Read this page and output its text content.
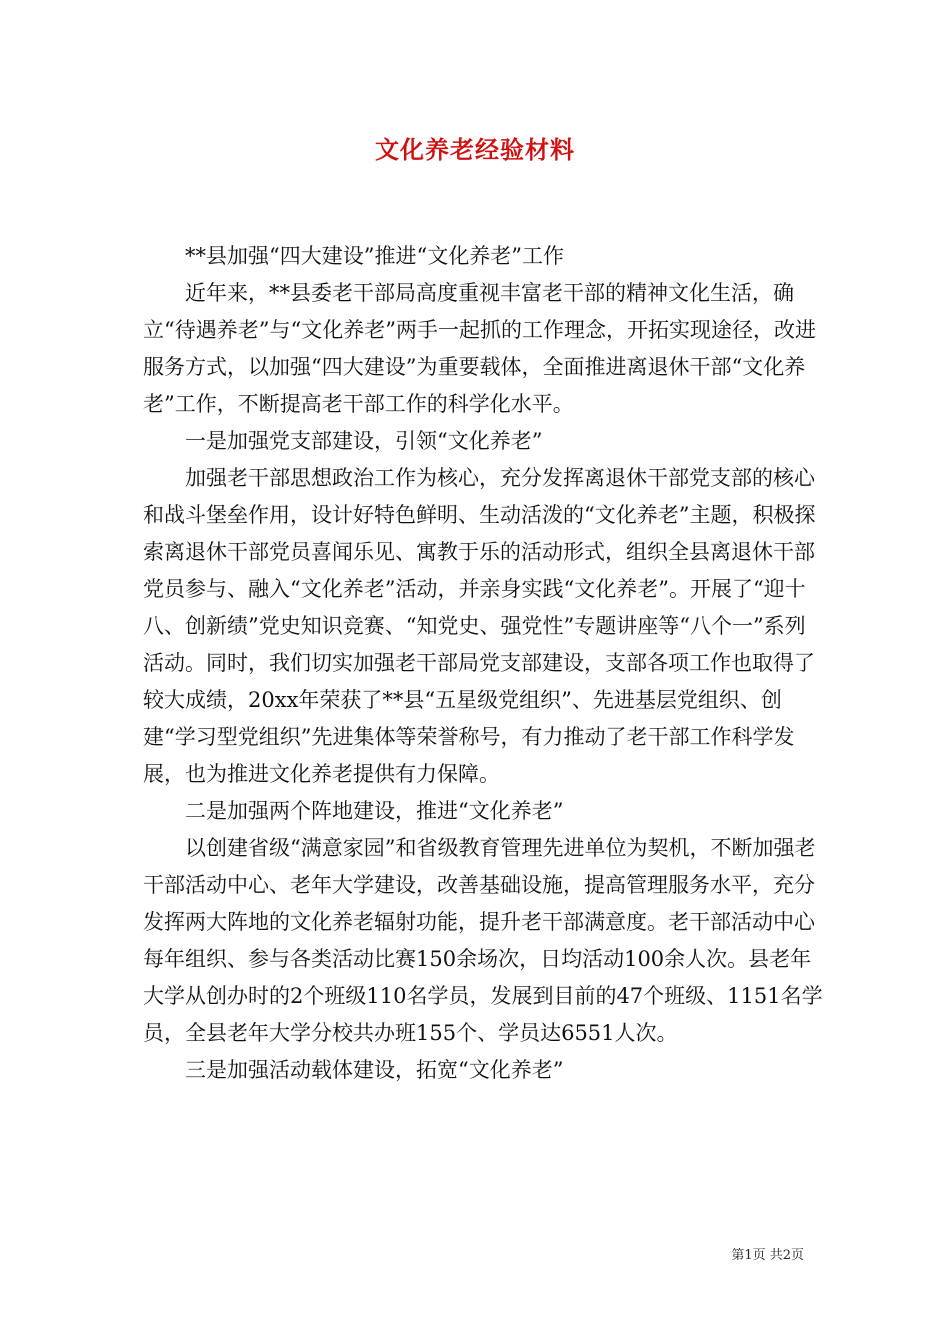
文化养老经验材料

**县加强“四大建设”推进“文化养老”工作

近年来，**县委老干部局高度重视丰富老干部的精神文化生活，确立“待遇养老”与“文化养老”两手一起抓的工作理念，开拓实现途径，改进服务方式，以加强“四大建设”为重要载体，全面推进离退休干部“文化养老”工作，不断提高老干部工作的科学化水平。

一是加强党支部建设，引领“文化养老”

加强老干部思想政治工作为核心，充分发挥离退休干部党支部的核心和战斗堡垒作用，设计好特色鲜明、生动活泼的“文化养老”主题，积极探索离退休干部党员喜闻乐见、寓教于乐的活动形式，组织全县离退休干部党员参与、融入“文化养老”活动，并亲身实践“文化养老”。开展了“迎十八、创新绩”党史知识竞赛、“知党史、强党性”专题讲座等“八个一”系列活动。同时，我们切实加强老干部局党支部建设，支部各项工作也取得了较大成绩，20xx年荣获了**县“五星级党组织”、先进基层党组织、创建“学习型党组织”先进集体等荣誉称号，有力推动了老干部工作科学发展，也为推进文化养老提供有力保障。

二是加强两个阵地建设，推进“文化养老”

以创建省级“满意家园”和省级教育管理先进单位为契机，不断加强老干部活动中心、老年大学建设，改善基础设施，提高管理服务水平，充分发挥两大阵地的文化养老辐射功能，提升老干部满意度。老干部活动中心每年组织、参与各类活动比赛150余场次，日均活动100余人次。县老年大学从创办时的2个班级110名学员，发展到目前的47个班级、1151名学员，全县老年大学分校共办班155个、学员达6551人次。

三是加强活动载体建设，拓宽“文化养老”

第1页 共2页
